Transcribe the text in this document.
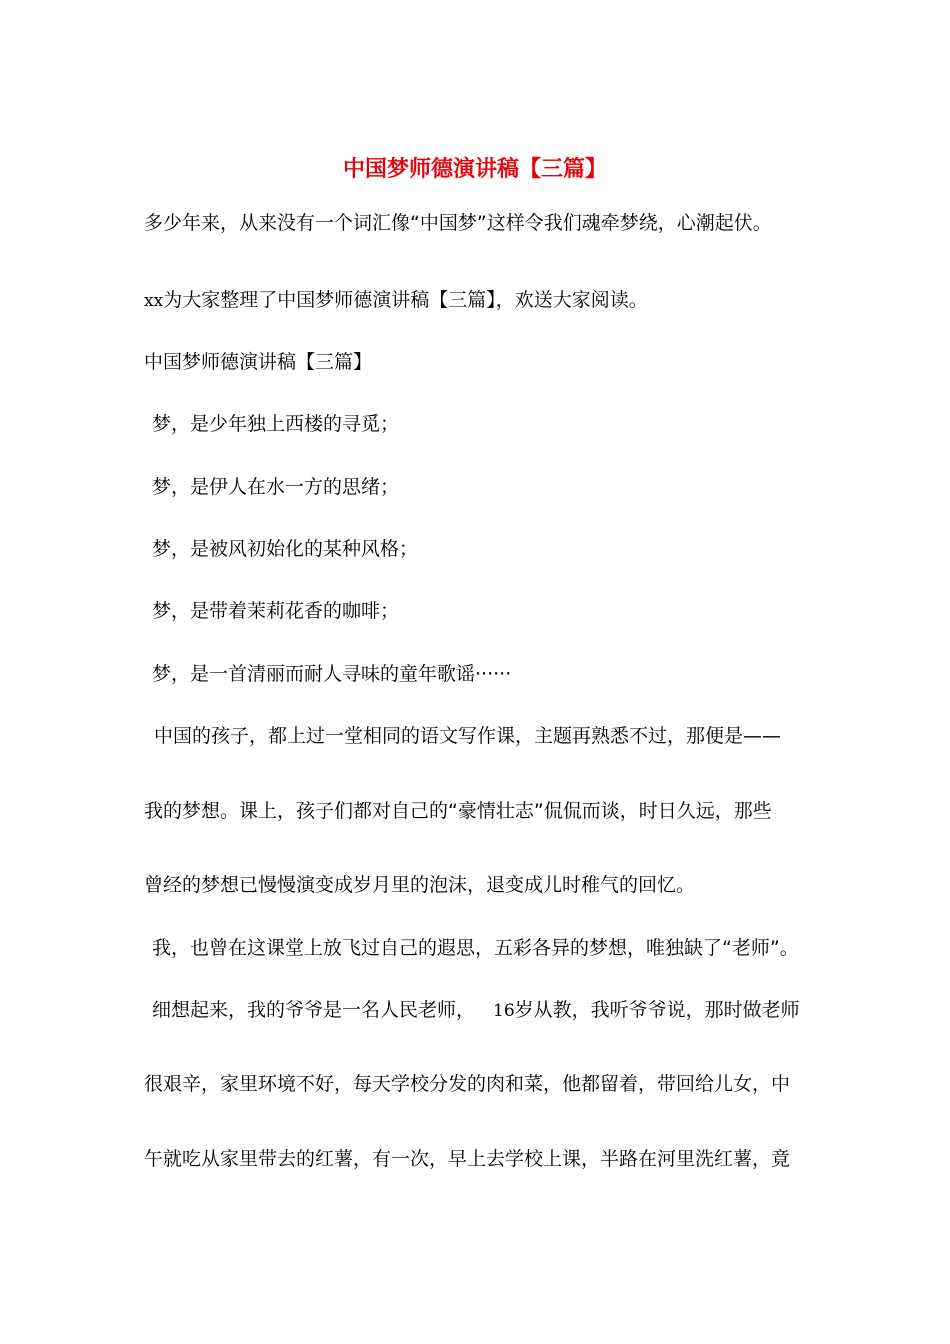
中国梦师德演讲稿【三篇】
多少年来，从来没有一个词汇像“中国梦”这样令我们魂牵梦绕，心潮起伏。
xx为大家整理了中国梦师德演讲稿【三篇】，欢送大家阅读。
中国梦师德演讲稿【三篇】
梦，是少年独上西楼的寻觅；
梦，是伊人在水一方的思绪；
梦，是被风初始化的某种风格；
梦，是带着茉莉花香的咖啡；
梦，是一首清丽而耐人寻味的童年歌谣······
中国的孩子，都上过一堂相同的语文写作课，主题再熟悉不过，那便是——
我的梦想。课上，孩子们都对自己的“豪情壮志”侃侃而谈，时日久远，那些
曾经的梦想已慢慢演变成岁月里的泡沫，退变成儿时稚气的回忆。
我，也曾在这课堂上放飞过自己的遐思，五彩各异的梦想，唯独缺了“老师”。
细想起来，我的爷爷是一名人民老师， 16岁从教，我听爷爷说，那时做老师
很艰辛，家里环境不好，每天学校分发的肉和菜，他都留着，带回给儿女，中
午就吃从家里带去的红薯，有一次，早上去学校上课，半路在河里洗红薯，竟
